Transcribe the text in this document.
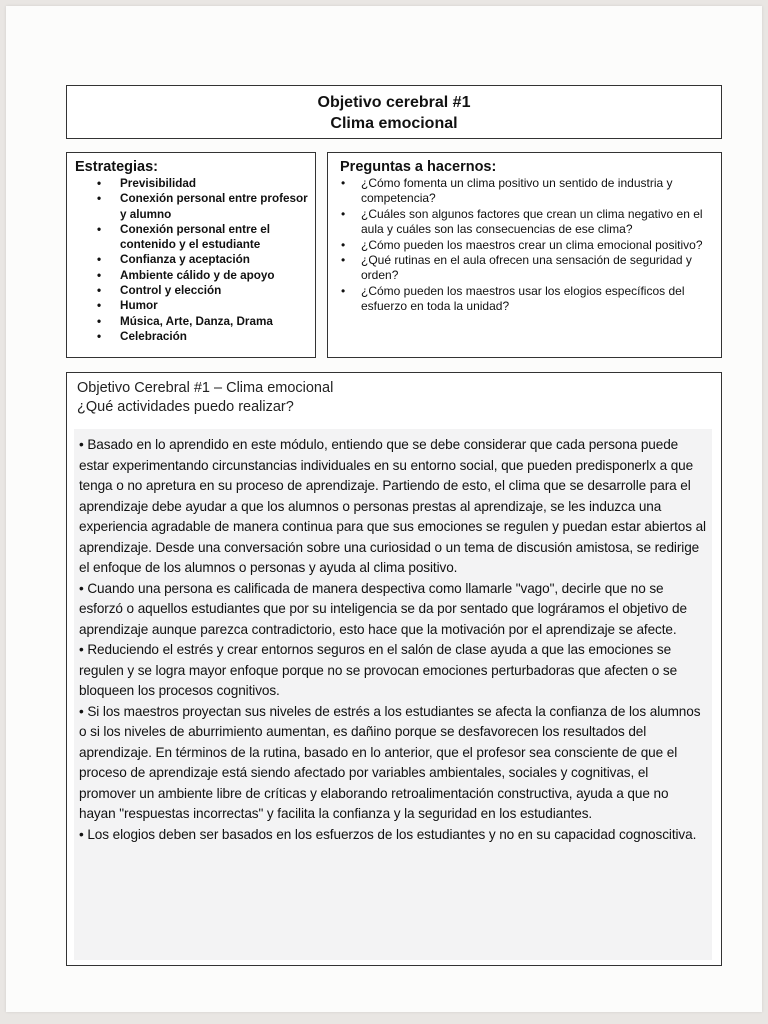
Objetivo cerebral #1
Clima emocional
Estrategias:
• Previsibilidad
• Conexión personal entre profesor y alumno
• Conexión personal entre el contenido y el estudiante
• Confianza y aceptación
• Ambiente cálido y de apoyo
• Control y elección
• Humor
• Música, Arte, Danza, Drama
• Celebración
Preguntas a hacernos:
• ¿Cómo fomenta un clima positivo un sentido de industria y competencia?
• ¿Cuáles son algunos factores que crean un clima negativo en el aula y cuáles son las consecuencias de ese clima?
• ¿Cómo pueden los maestros crear un clima emocional positivo?
• ¿Qué rutinas en el aula ofrecen una sensación de seguridad y orden?
• ¿Cómo pueden los maestros usar los elogios específicos del esfuerzo en toda la unidad?
Objetivo Cerebral #1 – Clima emocional
¿Qué actividades puedo realizar?
• Basado en lo aprendido en este módulo, entiendo que se debe considerar que cada persona puede estar experimentando circunstancias individuales en su entorno social, que pueden predisponerlx a que tenga o no apretura en su proceso de aprendizaje. Partiendo de esto, el clima que se desarrolle para el aprendizaje debe ayudar a que los alumnos o personas prestas al aprendizaje, se les induzca una experiencia agradable de manera continua para que sus emociones se regulen y puedan estar abiertos al aprendizaje. Desde una conversación sobre una curiosidad o un tema de discusión amistosa, se redirige el enfoque de los alumnos o personas y ayuda al clima positivo.
• Cuando una persona es calificada de manera despectiva como llamarle "vago", decirle que no se esforzó o aquellos estudiantes que por su inteligencia se da por sentado que lográramos el objetivo de aprendizaje aunque parezca contradictorio, esto hace que la motivación por el aprendizaje se afecte.
• Reduciendo el estrés y crear entornos seguros en el salón de clase ayuda a que las emociones se regulen y se logra mayor enfoque porque no se provocan emociones perturbadoras que afecten o se bloqueen los procesos cognitivos.
• Si los maestros proyectan sus niveles de estrés a los estudiantes se afecta la confianza de los alumnos o si los niveles de aburrimiento aumentan, es dañino porque se desfavorecen los resultados del aprendizaje. En términos de la rutina, basado en lo anterior, que el profesor sea consciente de que el proceso de aprendizaje está siendo afectado por variables ambientales, sociales y cognitivas, el promover un ambiente libre de críticas y elaborando retroalimentación constructiva, ayuda a que no hayan "respuestas incorrectas" y facilita la confianza y la seguridad en los estudiantes.
• Los elogios deben ser basados en los esfuerzos de los estudiantes y no en su capacidad cognoscitiva.
